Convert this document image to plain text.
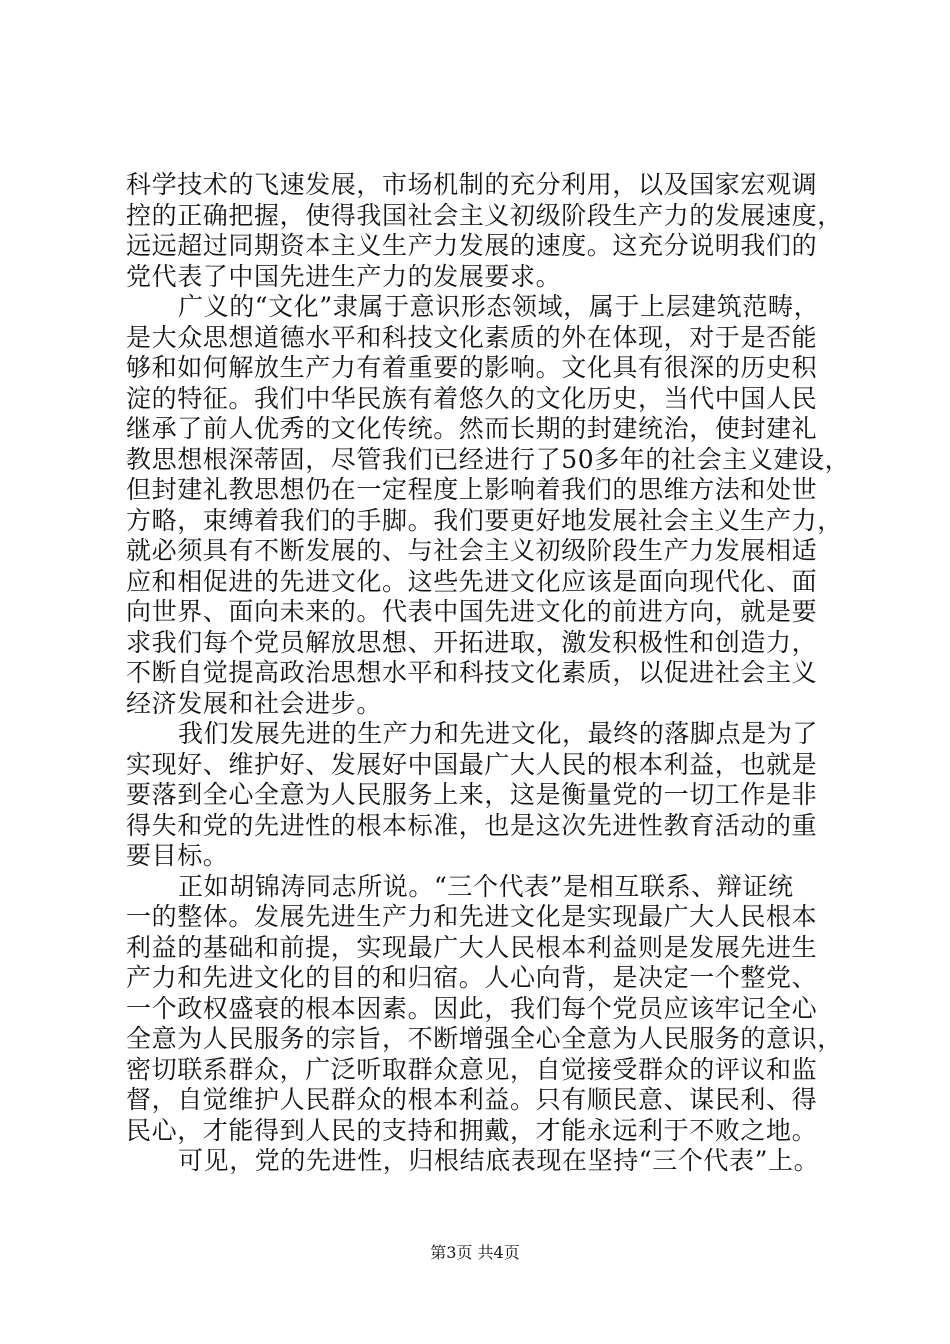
科学技术的飞速发展，市场机制的充分利用，以及国家宏观调
控的正确把握，使得我国社会主义初级阶段生产力的发展速度，
远远超过同期资本主义生产力发展的速度。这充分说明我们的
党代表了中国先进生产力的发展要求。
广义的“文化”隶属于意识形态领域，属于上层建筑范畴，
是大众思想道德水平和科技文化素质的外在体现，对于是否能
够和如何解放生产力有着重要的影响。文化具有很深的历史积
淀的特征。我们中华民族有着悠久的文化历史，当代中国人民
继承了前人优秀的文化传统。然而长期的封建统治，使封建礼
教思想根深蒂固，尽管我们已经进行了50多年的社会主义建设，
但封建礼教思想仍在一定程度上影响着我们的思维方法和处世
方略，束缚着我们的手脚。我们要更好地发展社会主义生产力，
就必须具有不断发展的、与社会主义初级阶段生产力发展相适
应和相促进的先进文化。这些先进文化应该是面向现代化、面
向世界、面向未来的。代表中国先进文化的前进方向，就是要
求我们每个党员解放思想、开拓进取，激发积极性和创造力，
不断自觉提高政治思想水平和科技文化素质，以促进社会主义
经济发展和社会进步。
我们发展先进的生产力和先进文化，最终的落脚点是为了
实现好、维护好、发展好中国最广大人民的根本利益，也就是
要落到全心全意为人民服务上来，这是衡量党的一切工作是非
得失和党的先进性的根本标准，也是这次先进性教育活动的重
要目标。
正如胡锦涛同志所说。“三个代表”是相互联系、辩证统
一的整体。发展先进生产力和先进文化是实现最广大人民根本
利益的基础和前提，实现最广大人民根本利益则是发展先进生
产力和先进文化的目的和归宿。人心向背，是决定一个整党、
一个政权盛衰的根本因素。因此，我们每个党员应该牢记全心
全意为人民服务的宗旨，不断增强全心全意为人民服务的意识，
密切联系群众，广泛听取群众意见，自觉接受群众的评议和监
督，自觉维护人民群众的根本利益。只有顺民意、谋民利、得
民心，才能得到人民的支持和拥戴，才能永远利于不败之地。
可见，党的先进性，归根结底表现在坚持“三个代表”上。
第3页 共4页
